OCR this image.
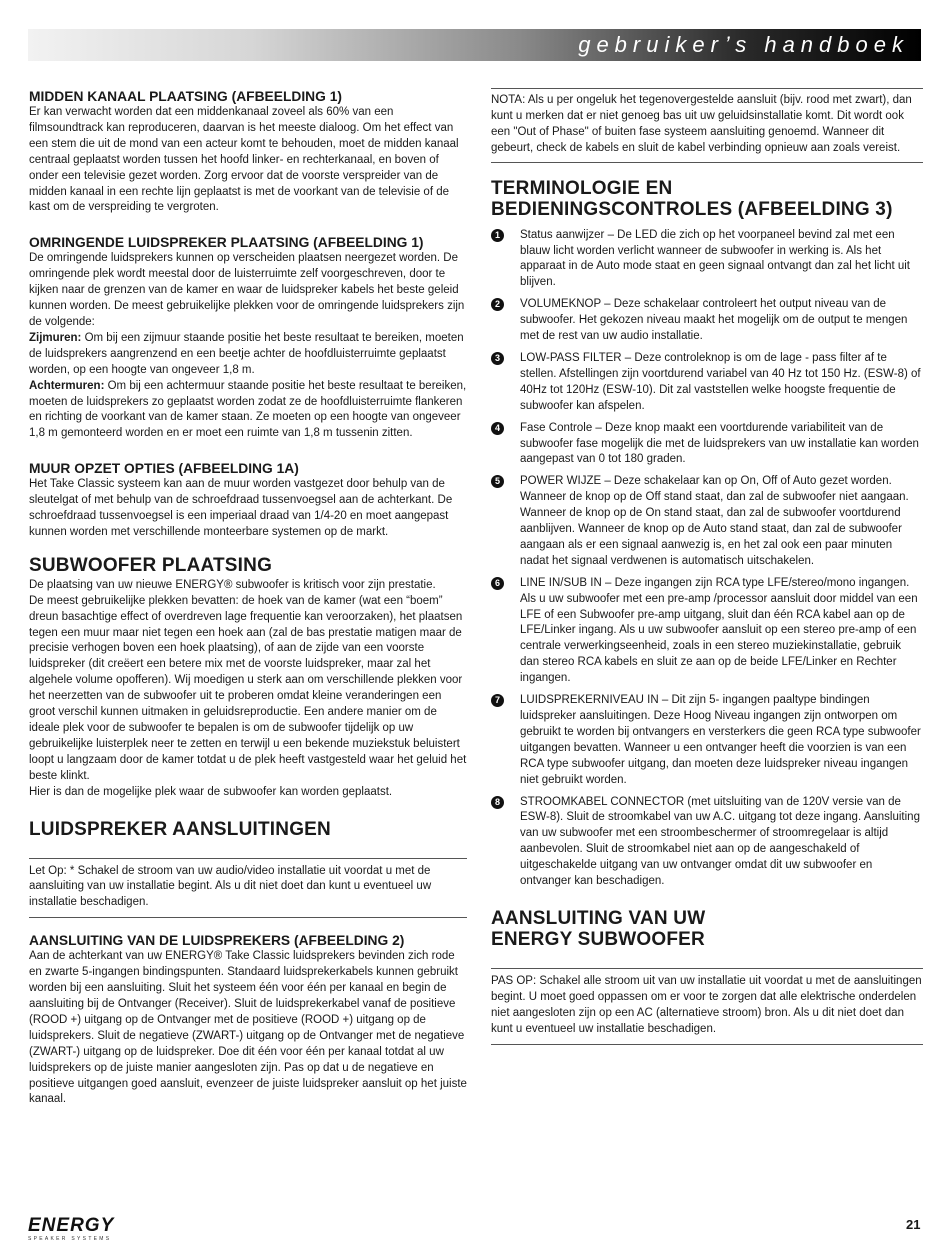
gebruiker’s handboek
MIDDEN KANAAL PLAATSING (AFBEELDING 1)

Er kan verwacht worden dat een middenkanaal zoveel als 60% van een filmsoundtrack kan reproduceren, daarvan is het meeste dialoog. Om het effect van een stem die uit de mond van een acteur komt te behouden, moet de midden kanaal centraal geplaatst worden tussen het hoofd linker- en rechterkanaal, en boven of onder een televisie gezet worden. Zorg ervoor dat de voorste verspreider van de midden kanaal in een rechte lijn geplaatst is met de voorkant van de televisie of de kast om de verspreiding te vergroten.

OMRINGENDE LUIDSPREKER PLAATSING (AFBEELDING 1)

De omringende luidsprekers kunnen op verscheiden plaatsen neergezet worden. De omringende plek wordt meestal door de luisterruimte zelf voorgeschreven, door te kijken naar de grenzen van de kamer en waar de luidspreker kabels het beste geleid kunnen worden. De meest gebruikelijke plekken voor de omringende luidsprekers zijn de volgende:

Zijmuren: Om bij een zijmuur staande positie het beste resultaat te bereiken, moeten de luidsprekers aangrenzend en een beetje achter de hoofdluisterruimte geplaatst worden, op een hoogte van ongeveer 1,8 m.

Achtermuren: Om bij een achtermuur staande positie het beste resultaat te bereiken, moeten de luidsprekers zo geplaatst worden zodat ze de hoofdluisterruimte flankeren en richting de voorkant van de kamer staan. Ze moeten op een hoogte van ongeveer 1,8 m gemonteerd worden en er moet een ruimte van 1,8 m tussenin zitten.

MUUR OPZET OPTIES (AFBEELDING 1A)

Het Take Classic systeem kan aan de muur worden vastgezet door behulp van de sleutelgat of met behulp van de schroefdraad tussenvoegsel aan de achterkant. De schroefdraad tussenvoegsel is een imperiaal draad van 1/4-20 en moet aangepast kunnen worden met verschillende monteerbare systemen op de markt.

SUBWOOFER PLAATSING

De plaatsing van uw nieuwe ENERGY® subwoofer is kritisch voor zijn prestatie.

De meest gebruikelijke plekken bevatten: de hoek van de kamer (wat een “boem” dreun basachtige effect of overdreven lage frequentie kan veroorzaken), het plaatsen tegen een muur maar niet tegen een hoek aan (zal de bas prestatie matigen maar de precisie verhogen boven een hoek plaatsing), of aan de zijde van een voorste luidspreker (dit creëert een betere mix met de voorste luidspreker, maar zal het algehele volume opofferen). Wij moedigen u sterk aan om verschillende plekken voor het neerzetten van de subwoofer uit te proberen omdat kleine veranderingen een groot verschil kunnen uitmaken in geluidsreproductie. Een andere manier om de ideale plek voor de subwoofer te bepalen is om de subwoofer tijdelijk op uw gebruikelijke luisterplek neer te zetten en terwijl u een bekende muziekstuk beluistert loopt u langzaam door de kamer totdat u de plek heeft vastgesteld waar het geluid het beste klinkt.

Hier is dan de mogelijke plek waar de subwoofer kan worden geplaatst.

LUIDSPREKER AANSLUITINGEN
Let Op: * Schakel de stroom van uw audio/video installatie uit voordat u met de aansluiting van uw installatie begint. Als u dit niet doet dan kunt u eventueel uw installatie beschadigen.
AANSLUITING VAN DE LUIDSPREKERS (AFBEELDING 2)

Aan de achterkant van uw ENERGY® Take Classic luidsprekers bevinden zich rode en zwarte 5-ingangen bindingspunten. Standaard luidsprekerkabels kunnen gebruikt worden bij een aansluiting. Sluit het systeem één voor één per kanaal en begin de aansluiting bij de Ontvanger (Receiver). Sluit de luidsprekerkabel vanaf de positieve (ROOD +) uitgang op de Ontvanger met de positieve (ROOD +) uitgang op de luidsprekers. Sluit de negatieve (ZWART-) uitgang op de Ontvanger met de negatieve (ZWART-) uitgang op de luidspreker. Doe dit één voor één per kanaal totdat al uw luidsprekers op de juiste manier aangesloten zijn. Pas op dat u de negatieve en positieve uitgangen goed aansluit, evenzeer de juiste luidspreker aansluit op het juiste kanaal.

NOTA: Als u per ongeluk het tegenovergestelde aansluit (bijv. rood met zwart), dan kunt u merken dat er niet genoeg bas uit uw geluidsinstallatie komt. Dit wordt ook een "Out of Phase" of buiten fase systeem aansluiting genoemd. Wanneer dit gebeurt, check de kabels en sluit de kabel verbinding opnieuw aan zoals vereist.
TERMINOLOGIE EN
BEDIENINGSCONTROLES (AFBEELDING 3)
1	Status aanwijzer – De LED die zich op het voorpaneel bevind zal met een blauw licht worden verlicht wanneer de subwoofer in werking is. Als het apparaat in de Auto mode staat en geen signaal ontvangt dan zal het licht uit blijven.
2	VOLUMEKNOP – Deze schakelaar controleert het output niveau van de subwoofer. Het gekozen niveau maakt het mogelijk om de output te mengen met de rest van uw audio installatie.
3	LOW-PASS FILTER – Deze controleknop is om de lage - pass filter af te stellen. Afstellingen zijn voortdurend variabel van 40 Hz tot 150 Hz. (ESW-8) of 40Hz tot 120Hz (ESW-10). Dit zal vaststellen welke hoogste frequentie de subwoofer kan afspelen.
4	Fase Controle – Deze knop maakt een voortdurende variabiliteit van de subwoofer fase mogelijk die met de luidsprekers van uw installatie kan worden aangepast van 0 tot 180 graden.
5	POWER WIJZE – Deze schakelaar kan op On, Off of Auto gezet worden. Wanneer de knop op de Off stand staat, dan zal de subwoofer niet aangaan. Wanneer de knop op de On stand staat, dan zal de subwoofer voortdurend aanblijven. Wanneer de knop op de Auto stand staat, dan zal de subwoofer aangaan als er een signaal aanwezig is, en het zal ook een paar minuten nadat het signaal verdwenen is automatisch uitschakelen.
6	LINE IN/SUB IN – Deze ingangen zijn RCA type LFE/stereo/mono ingangen. Als u uw subwoofer met een pre-amp /processor aansluit door middel van een LFE of een Subwoofer pre-amp uitgang, sluit dan één RCA kabel aan op de LFE/Linker ingang. Als u uw subwoofer aansluit op een stereo pre-amp of een centrale verwerkingseenheid, zoals in een stereo muziekinstallatie, gebruik dan stereo RCA kabels en sluit ze aan op de beide LFE/Linker en Rechter ingangen.
7	LUIDSPREKERNIVEAU IN – Dit zijn 5- ingangen paaltype bindingen luidspreker aansluitingen. Deze Hoog Niveau ingangen zijn ontworpen om gebruikt te worden bij ontvangers en versterkers die geen RCA type subwoofer uitgangen bevatten. Wanneer u een ontvanger heeft die voorzien is van een RCA type subwoofer uitgang, dan moeten deze luidspreker niveau ingangen niet gebruikt worden.
8	STROOMKABEL CONNECTOR (met uitsluiting van de 120V versie van de ESW-8). Sluit de stroomkabel van uw A.C. uitgang tot deze ingang. Aansluiting van uw subwoofer met een stroombeschermer of stroomregelaar is altijd aanbevolen. Sluit de stroomkabel niet aan op de aangeschakeld of uitgeschakelde uitgang van uw ontvanger omdat dit uw subwoofer en ontvanger kan beschadigen.
AANSLUITING VAN UW
ENERGY SUBWOOFER
PAS OP: Schakel alle stroom uit van uw installatie uit voordat u met de aansluitingen begint. U moet goed oppassen om er voor te zorgen dat alle elektrische onderdelen niet aangesloten zijn op een AC (alternatieve stroom) bron. Als u dit niet doet dan kunt u eventueel uw installatie beschadigen.
ENERGY
SPEAKER SYSTEMS
21
